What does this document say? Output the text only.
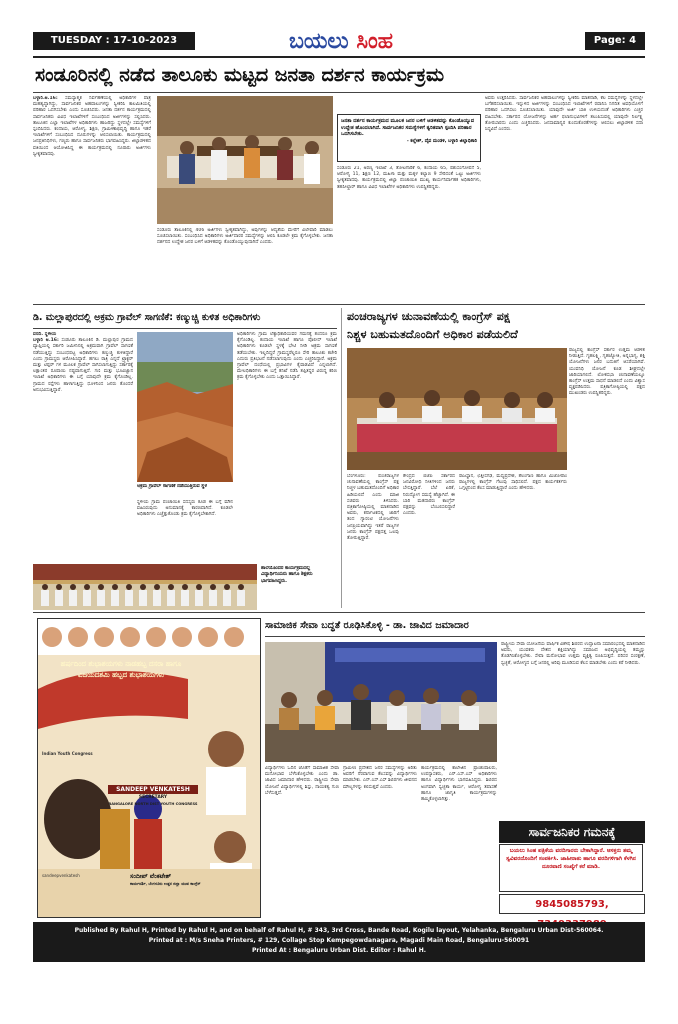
TUESDAY : 17-10-2023	ಬಯಲು ಸಿಂಹ	Page: 4
ಸಂಡೂರಿನಲ್ಲಿ ನಡೆದ ತಾಲೂಕು ಮಟ್ಟದ ಜನತಾ ದರ್ಶನ ಕಾರ್ಯಕ್ರಮ
ಬಳ್ಳಾರಿ.ಅ.16: ಸಮಸ್ಯಾತ್ಮಕ ನಿರ್ವಹಣೆಯಲ್ಲಿ ಅಧಿಕಾರಿಗಳ ಪಾತ್ರ ಮಹತ್ವದ್ದಾಗಿದ್ದು, ಸಾರ್ವಜನಿಕರ ಅಹವಾಲುಗಳನ್ನು ಸ್ವೀಕರಿಸಿ ಕಾಲಮಿತಿಯಲ್ಲಿ ಪರಿಹಾರ ಒದಗಿಸಬೇಕು ಎಂದು ಸೂಚಿಸಿದರು. ಜನತಾ ದರ್ಶನ ಕಾರ್ಯಕ್ರಮದಲ್ಲಿ ಸಾರ್ವಜನಿಕರು ವಿವಿಧ ಇಲಾಖೆಗಳಿಗೆ ಸಂಬಂಧಿಸಿದ ಅರ್ಜಿಗಳನ್ನು ಸಲ್ಲಿಸಿದರು. ತಾಲೂಕಿನ ಎಲ್ಲಾ ಇಲಾಖೆಗಳ ಅಧಿಕಾರಿಗಳು ಹಾಜರಿದ್ದು ಸ್ಥಳದಲ್ಲೇ ಸಮಸ್ಯೆಗಳಿಗೆ ಸ್ಪಂದಿಸಿದರು. ಕಂದಾಯ, ಆರೋಗ್ಯ, ಶಿಕ್ಷಣ, ಗ್ರಾಮೀಣಾಭಿವೃದ್ಧಿ ಹಾಗೂ ಇತರೆ ಇಲಾಖೆಗಳಿಗೆ ಸಂಬಂಧಿಸಿದ ದೂರುಗಳನ್ನು ಆಲಿಸಲಾಯಿತು. ಕಾರ್ಯಕ್ರಮದಲ್ಲಿ ಜನಪ್ರತಿನಿಧಿಗಳು, ಗಣ್ಯರು ಹಾಗೂ ಸಾರ್ವಜನಿಕರು ಭಾಗವಹಿಸಿದ್ದರು. ಜಿಲ್ಲಾಡಳಿತದ ವತಿಯಿಂದ ಆಯೋಜಿಸಿದ್ದ ಈ ಕಾರ್ಯಕ್ರಮದಲ್ಲಿ ನೂರಾರು ಅರ್ಜಿಗಳು ಸ್ವೀಕೃತವಾದವು.
ಸಂಡೂರು ತಾಲೂಕಿನಲ್ಲಿ 406 ಅರ್ಜಿಗಳು ಸ್ವೀಕೃತವಾಗಿದ್ದು, ಅವುಗಳನ್ನು ಆದ್ಯತೆಯ ಮೇರೆಗೆ ವಿಲೇವಾರಿ ಮಾಡಲು ಸೂಚಿಸಲಾಯಿತು. ಸಂಬಂಧಿಸಿದ ಅಧಿಕಾರಿಗಳು ಅರ್ಜಿದಾರರ ಸಮಸ್ಯೆಗಳನ್ನು ಆಲಿಸಿ ಕೂಡಲೇ ಕ್ರಮ ಕೈಗೊಳ್ಳಬೇಕು. ಜನತಾ ದರ್ಶನದ ಉದ್ದೇಶ ಜನರ ಬಳಿಗೆ ಆಡಳಿತವನ್ನು ಕೊಂಡೊಯ್ಯುವುದಾಗಿದೆ ಎಂದರು.
ಜನತಾ ದರ್ಶನ ಕಾರ್ಯಕ್ರಮದ ಮೂಲಕ ಜನರ ಬಳಿಗೆ ಆಡಳಿತವನ್ನು ಕೊಂಡೊಯ್ಯುವ ಉದ್ದೇಶ ಹೊಂದಲಾಗಿದೆ. ಸಾರ್ವಜನಿಕರ ಸಮಸ್ಯೆಗಳಿಗೆ ತ್ವರಿತವಾಗಿ ಸ್ಪಂದಿಸಿ ಪರಿಹಾರ ಒದಗಿಸಬೇಕು.
- ಕಲ್ಲೇಶ್, ದೈವ ಮಂಡಳಿ, ಬಳ್ಳಾರಿ ಜಿಲ್ಲಾಧಿಕಾರಿ
ಸಂಡೂರು 21, ಅರಣ್ಯ ಇಲಾಖೆ 3, ತೋಟಗಾರಿಕೆ 6, ಕಂದಾಯ 65, ಪಶುಸಂಗೋಪನೆ 5, ಆರೋಗ್ಯ 11, ಶಿಕ್ಷಣ 12, ಮಹಿಳಾ ಮತ್ತು ಮಕ್ಕಳ ಕಲ್ಯಾಣ 9 ಸೇರಿದಂತೆ ಒಟ್ಟು ಅರ್ಜಿಗಳು ಸ್ವೀಕೃತವಾದವು. ಕಾರ್ಯಕ್ರಮದಲ್ಲಿ ಜಿಲ್ಲಾ ಪಂಚಾಯಿತಿ ಮುಖ್ಯ ಕಾರ್ಯನಿರ್ವಾಹಕ ಅಧಿಕಾರಿಗಳು, ತಹಸೀಲ್ದಾರ್ ಹಾಗೂ ವಿವಿಧ ಇಲಾಖೆಗಳ ಅಧಿಕಾರಿಗಳು ಉಪಸ್ಥಿತರಿದ್ದರು.
ಅವರು ಉತ್ತರಿಸಿದರು. ಸಾರ್ವಜನಿಕರ ಅಹವಾಲುಗಳನ್ನು ಸ್ವೀಕರಿಸಿ ಮಾತನಾಡಿ, ಕೆಲ ಸಮಸ್ಯೆಗಳನ್ನು ಸ್ಥಳದಲ್ಲೇ ಬಗೆಹರಿಸಲಾಯಿತು. ಇನ್ನುಳಿದ ಅರ್ಜಿಗಳನ್ನು ಸಂಬಂಧಿಸಿದ ಇಲಾಖೆಗಳಿಗೆ ರವಾನಿಸಿ ನಿಗದಿತ ಅವಧಿಯೊಳಗೆ ಪರಿಹಾರ ಒದಗಿಸಲು ಸೂಚಿಸಲಾಯಿತು. ಯಾವುದೇ ಅರ್ಜಿ ಬಾಕಿ ಉಳಿಯದಂತೆ ಅಧಿಕಾರಿಗಳು ಎಚ್ಚರ ವಹಿಸಬೇಕು. ಸರ್ಕಾರದ ಯೋಜನೆಗಳನ್ನು ಅರ್ಹ ಫಲಾನುಭವಿಗಳಿಗೆ ತಲುಪಿಸುವಲ್ಲಿ ಯಾವುದೇ ನಿರ್ಲಕ್ಷ್ಯ ತೋರಬಾರದು ಎಂದು ಎಚ್ಚರಿಸಿದರು. ಜನಸಾಮಾನ್ಯರ ಕುಂದುಕೊರತೆಗಳನ್ನು ಆಲಿಸಲು ಜಿಲ್ಲಾಡಳಿತ ಸದಾ ಸಿದ್ಧವಿದೆ ಎಂದರು.
ಡಿ. ಮಲ್ಲಾಪುರದಲ್ಲಿ ಅಕ್ರಮ ಗ್ರಾವೆಲ್ ಸಾಗಣಿಕೆ: ಕಣ್ಮುಚ್ಚಿ ಕುಳಿತ ಅಧಿಕಾರಿಗಳು
ವರದಿ. ಸ್ಥಳೀಯ
ಬಳ್ಳಾರಿ ಅ.16: ಸಂಡೂರು ತಾಲೂಕಿನ ಡಿ. ಮಲ್ಲಾಪುರ ಗ್ರಾಮದ ವ್ಯಾಪ್ತಿಯಲ್ಲಿ ಸರ್ಕಾರಿ ಜಮೀನಿನಲ್ಲಿ ಅಕ್ರಮವಾಗಿ ಗ್ರಾವೆಲ್ ಸಾಗಣಿಕೆ ನಡೆಯುತ್ತಿದ್ದು ಸಂಬಂಧಪಟ್ಟ ಅಧಿಕಾರಿಗಳು ಕಣ್ಮುಚ್ಚಿ ಕುಳಿತಿದ್ದಾರೆ ಎಂದು ಗ್ರಾಮಸ್ಥರು ಆರೋಪಿಸಿದ್ದಾರೆ. ಹಗಲು ರಾತ್ರಿ ಎನ್ನದೆ ಟ್ರ್ಯಾಕ್ಟರ್ ಮತ್ತು ಟಿಪ್ಪರ್ ಗಳ ಮೂಲಕ ಗ್ರಾವೆಲ್ ಸಾಗಿಸಲಾಗುತ್ತಿದ್ದು ಸರ್ಕಾರಕ್ಕೆ ಲಕ್ಷಾಂತರ ರೂಪಾಯಿ ನಷ್ಟವಾಗುತ್ತಿದೆ. ಗಣಿ ಮತ್ತು ಭೂವಿಜ್ಞಾನ ಇಲಾಖೆ ಅಧಿಕಾರಿಗಳು ಈ ಬಗ್ಗೆ ಯಾವುದೇ ಕ್ರಮ ಕೈಗೊಂಡಿಲ್ಲ. ಗ್ರಾಮದ ರಸ್ತೆಗಳು ಹಾಳಾಗುತ್ತಿದ್ದು ಧೂಳಿನಿಂದ ಜನರು ತೊಂದರೆ ಅನುಭವಿಸುತ್ತಿದ್ದಾರೆ.
ಅಕ್ರಮ ಗ್ರಾವೆಲ್ ಸಾಗಣಿಕೆ ನಡೆಯುತ್ತಿರುವ ಸ್ಥಳ
ಸ್ಥಳೀಯ ಗ್ರಾಮ ಪಂಚಾಯಿತಿ ಸದಸ್ಯರು ಕೂಡ ಈ ಬಗ್ಗೆ ಮೌನ ವಹಿಸಿರುವುದು ಅನುಮಾನಕ್ಕೆ ಕಾರಣವಾಗಿದೆ. ಕೂಡಲೇ ಅಧಿಕಾರಿಗಳು ಎಚ್ಚೆತ್ತುಕೊಂಡು ಕ್ರಮ ಕೈಗೊಳ್ಳಬೇಕಾಗಿದೆ.
ಅಧಿಕಾರಿಗಳು ಗ್ರಾಮ ಲೆಕ್ಕಾಧಿಕಾರಿಯವರ ಗಮನಕ್ಕೆ ತಂದರೂ ಕ್ರಮ ಕೈಗೊಂಡಿಲ್ಲ. ಕಂದಾಯ ಇಲಾಖೆ ಹಾಗೂ ಪೊಲೀಸ್ ಇಲಾಖೆ ಅಧಿಕಾರಿಗಳು ಕೂಡಲೇ ಸ್ಥಳಕ್ಕೆ ಭೇಟಿ ನೀಡಿ ಅಕ್ರಮ ಸಾಗಣಿಕೆ ತಡೆಯಬೇಕು. ಇಲ್ಲದಿದ್ದರೆ ಗ್ರಾಮಸ್ಥರೆಲ್ಲರೂ ಸೇರಿ ತಾಲೂಕು ಕಚೇರಿ ಎದುರು ಪ್ರತಿಭಟನೆ ನಡೆಸಲಾಗುವುದು ಎಂದು ಎಚ್ಚರಿಸಿದ್ದಾರೆ. ಅಕ್ರಮ ಗ್ರಾವೆಲ್ ದಂಧೆಯಲ್ಲಿ ಪ್ರಭಾವಿಗಳ ಕೈವಾಡವಿದೆ ಎನ್ನಲಾಗಿದೆ. ಮೇಲಧಿಕಾರಿಗಳು ಈ ಬಗ್ಗೆ ತನಿಖೆ ನಡೆಸಿ ತಪ್ಪಿತಸ್ಥರ ವಿರುದ್ಧ ಕಠಿಣ ಕ್ರಮ ಕೈಗೊಳ್ಳಬೇಕು ಎಂದು ಒತ್ತಾಯಿಸಿದ್ದಾರೆ.
ಶಾಲೆಯೊಂದರ ಕಾರ್ಯಕ್ರಮದಲ್ಲಿ ವಿದ್ಯಾರ್ಥಿನಿಯರು ಹಾಗೂ ಶಿಕ್ಷಕರು ಭಾಗವಹಿಸಿದ್ದರು.
ಪಂಚರಾಜ್ಯಗಳ ಚುನಾವಣೆಯಲ್ಲಿ ಕಾಂಗ್ರೆಸ್ ಪಕ್ಷ
ನಿಶ್ಚಳ ಬಹುಮತದೊಂದಿಗೆ ಅಧಿಕಾರ ಪಡೆಯಲಿದೆ
ರಾಜ್ಯದಲ್ಲಿ ಕಾಂಗ್ರೆಸ್ ಸರ್ಕಾರ ಉತ್ತಮ ಆಡಳಿತ ನೀಡುತ್ತಿದೆ. ಗೃಹಲಕ್ಷ್ಮಿ, ಗೃಹಜ್ಯೋತಿ, ಅನ್ನಭಾಗ್ಯ, ಶಕ್ತಿ ಯೋಜನೆಗಳು ಜನರ ಬದುಕಿಗೆ ಆಸರೆಯಾಗಿವೆ. ಯುವನಿಧಿ ಯೋಜನೆ ಕೂಡ ಶೀಘ್ರದಲ್ಲೇ ಜಾರಿಯಾಗಲಿದೆ. ಲೋಕಸಭಾ ಚುನಾವಣೆಯಲ್ಲೂ ಕಾಂಗ್ರೆಸ್ ಉತ್ತಮ ಸಾಧನೆ ಮಾಡಲಿದೆ ಎಂದು ವಿಶ್ವಾಸ ವ್ಯಕ್ತಪಡಿಸಿದರು. ಪತ್ರಿಕಾಗೋಷ್ಠಿಯಲ್ಲಿ ಪಕ್ಷದ ಮುಖಂಡರು ಉಪಸ್ಥಿತರಿದ್ದರು.
ಬೆಂಗಳೂರು: ಪಂಚರಾಜ್ಯಗಳ ಚುನಾವಣೆಯಲ್ಲಿ ಕಾಂಗ್ರೆಸ್ ಪಕ್ಷ ನಿಚ್ಚಳ ಬಹುಮತದೊಂದಿಗೆ ಅಧಿಕಾರ ಹಿಡಿಯಲಿದೆ ಎಂದು ಮಾಜಿ ಸಚಿವರು ತಿಳಿಸಿದರು. ಪತ್ರಿಕಾಗೋಷ್ಠಿಯಲ್ಲಿ ಮಾತನಾಡಿದ ಅವರು, ಕರ್ನಾಟಕದಲ್ಲಿ ಜಾರಿಗೆ ತಂದ ಗ್ಯಾರಂಟಿ ಯೋಜನೆಗಳು ಜನಪ್ರಿಯವಾಗಿದ್ದು ಇತರೆ ರಾಜ್ಯಗಳ ಜನರು ಕಾಂಗ್ರೆಸ್ ಪಕ್ಷದತ್ತ ಒಲವು ತೋರುತ್ತಿದ್ದಾರೆ.
ಕೇಂದ್ರದ ಬಿಜೆಪಿ ಸರ್ಕಾರದ ಜನವಿರೋಧಿ ನೀತಿಗಳಿಂದ ಜನರು ಬೇಸತ್ತಿದ್ದಾರೆ. ಬೆಲೆ ಏರಿಕೆ, ನಿರುದ್ಯೋಗ ಸಮಸ್ಯೆ ಹೆಚ್ಚಾಗಿದೆ. ಈ ಬಾರಿ ಮತದಾರರು ಕಾಂಗ್ರೆಸ್ ಪಕ್ಷವನ್ನು ಬೆಂಬಲಿಸಲಿದ್ದಾರೆ ಎಂದರು.
ರಾಜಸ್ಥಾನ, ಛತ್ತೀಸಗಢ, ಮಧ್ಯಪ್ರದೇಶ, ತೆಲಂಗಾಣ ಹಾಗೂ ಮಿಜೋರಾಂ ರಾಜ್ಯಗಳಲ್ಲಿ ಕಾಂಗ್ರೆಸ್ ಗೆಲುವು ಸಾಧಿಸಲಿದೆ. ಪಕ್ಷದ ಕಾರ್ಯಕರ್ತರು ಒಗ್ಗಟ್ಟಿನಿಂದ ಕೆಲಸ ಮಾಡುತ್ತಿದ್ದಾರೆ ಎಂದು ಹೇಳಿದರು.
ಹರ್ಷದಿಂದ ಶುಭಾಶಯಗಳು ನಾಡಹಬ್ಬ ದಸರಾ ಹಾಗೂ ವಿಜಯದಶಮಿ ಹಬ್ಬದ ಶುಭಾಶಯಗಳು
Indian Youth Congress
ಸಂದೀಪ್ ವೆಂಕಟೇಶ್
ಕಾರ್ಯದರ್ಶಿ, ಬೆಂಗಳೂರು ಉತ್ತರ ಜಿಲ್ಲಾ ಯುವ ಕಾಂಗ್ರೆಸ್
sandeepvenkatesh
SANDEEP VENKATESH
SECRETARY
BANGALORE NORTH DIST YOUTH CONGRESS
ಸಾಮಾಜಿಕ ಸೇವಾ ಬದ್ಧತೆ ರೂಢಿಸಿಕೊಳ್ಳಿ - ಡಾ. ಜಾವಿದ ಜಮಾದಾರ
ರಾಷ್ಟ್ರೀಯ ಸೇವಾ ಯೋಜನೆಯ ವಾರ್ಷಿಕ ವಿಶೇಷ ಶಿಬಿರದ ಉದ್ಘಾಟನಾ ಸಮಾರಂಭದಲ್ಲಿ ಮಾತನಾಡಿದ ಅವರು, ಯುವಕರು ದೇಶದ ಶಕ್ತಿಯಾಗಿದ್ದು ಸಮಾಜದ ಅಭಿವೃದ್ಧಿಯಲ್ಲಿ ತಮ್ಮನ್ನು ತೊಡಗಿಸಿಕೊಳ್ಳಬೇಕು. ಸೇವಾ ಮನೋಭಾವ ಉತ್ತಮ ವ್ಯಕ್ತಿತ್ವ ರೂಪಿಸುತ್ತದೆ. ಪರಿಸರ ಸಂರಕ್ಷಣೆ, ಸ್ವಚ್ಛತೆ, ಆರೋಗ್ಯದ ಬಗ್ಗೆ ಜನರಲ್ಲಿ ಅರಿವು ಮೂಡಿಸುವ ಕೆಲಸ ಮಾಡಬೇಕು ಎಂದು ಕರೆ ನೀಡಿದರು.
ವಿದ್ಯಾರ್ಥಿಗಳು ಓದಿನ ಜೊತೆಗೆ ಸಾಮಾಜಿಕ ಸೇವಾ ಮನೋಭಾವ ಬೆಳೆಸಿಕೊಳ್ಳಬೇಕು ಎಂದು ಡಾ. ಜಾವಿದ ಜಮಾದಾರ ಹೇಳಿದರು. ರಾಷ್ಟ್ರೀಯ ಸೇವಾ ಯೋಜನೆ ವಿದ್ಯಾರ್ಥಿಗಳಲ್ಲಿ ಶಿಸ್ತು, ನಾಯಕತ್ವ ಗುಣ ಬೆಳೆಸುತ್ತದೆ.
ಗ್ರಾಮೀಣ ಪ್ರದೇಶದ ಜನರ ಸಮಸ್ಯೆಗಳನ್ನು ಅರಿತು ಅವರಿಗೆ ನೆರವಾಗುವ ಕೆಲಸವನ್ನು ವಿದ್ಯಾರ್ಥಿಗಳು ಮಾಡಬೇಕು. ಎನ್.ಎಸ್.ಎಸ್ ಶಿಬಿರಗಳು ಜೀವನದ ಮೌಲ್ಯಗಳನ್ನು ಕಲಿಸುತ್ತವೆ ಎಂದರು.
ಕಾರ್ಯಕ್ರಮದಲ್ಲಿ ಕಾಲೇಜಿನ ಪ್ರಾಂಶುಪಾಲರು, ಉಪನ್ಯಾಸಕರು, ಎನ್.ಎಸ್.ಎಸ್ ಅಧಿಕಾರಿಗಳು ಹಾಗೂ ವಿದ್ಯಾರ್ಥಿಗಳು ಭಾಗವಹಿಸಿದ್ದರು. ಶಿಬಿರದ ಅಂಗವಾಗಿ ಸ್ವಚ್ಛತಾ ಕಾರ್ಯ, ಆರೋಗ್ಯ ತಪಾಸಣೆ ಹಾಗೂ ಜಾಗೃತಿ ಕಾರ್ಯಕ್ರಮಗಳನ್ನು ಹಮ್ಮಿಕೊಳ್ಳಲಾಗಿತ್ತು.
ಸಾರ್ವಜನಿಕರ ಗಮನಕ್ಕೆ
ಬಯಲು ಸಿಂಹ ಪತ್ರಿಕೆಯ ವರದಿಗಾರರು ಬೇಕಾಗಿದ್ದಾರೆ. ಆಸಕ್ತರು ತಮ್ಮ ಸ್ವವಿವರದೊಂದಿಗೆ ಸಂಪರ್ಕಿಸಿ. ಜಾಹೀರಾತು ಹಾಗೂ ವರದಿಗಳಿಗಾಗಿ ಕೆಳಗಿನ ದೂರವಾಣಿ ಸಂಖ್ಯೆಗೆ ಕರೆ ಮಾಡಿ.
9845085793,
Published By Rahul H, Printed by Rahul H, and on behalf of Rahul H, # 343, 3rd Cross, Bande Road, Kogilu layout, Yelahanka, Bengaluru Urban Dist-560064.
Printed at : M/s Sneha Printers, # 129, Collage Stop Kempegowdanagara, Magadi Main Road, Bengaluru-560091
Printed At : Bengaluru Urban Dist. Editor : Rahul H.
